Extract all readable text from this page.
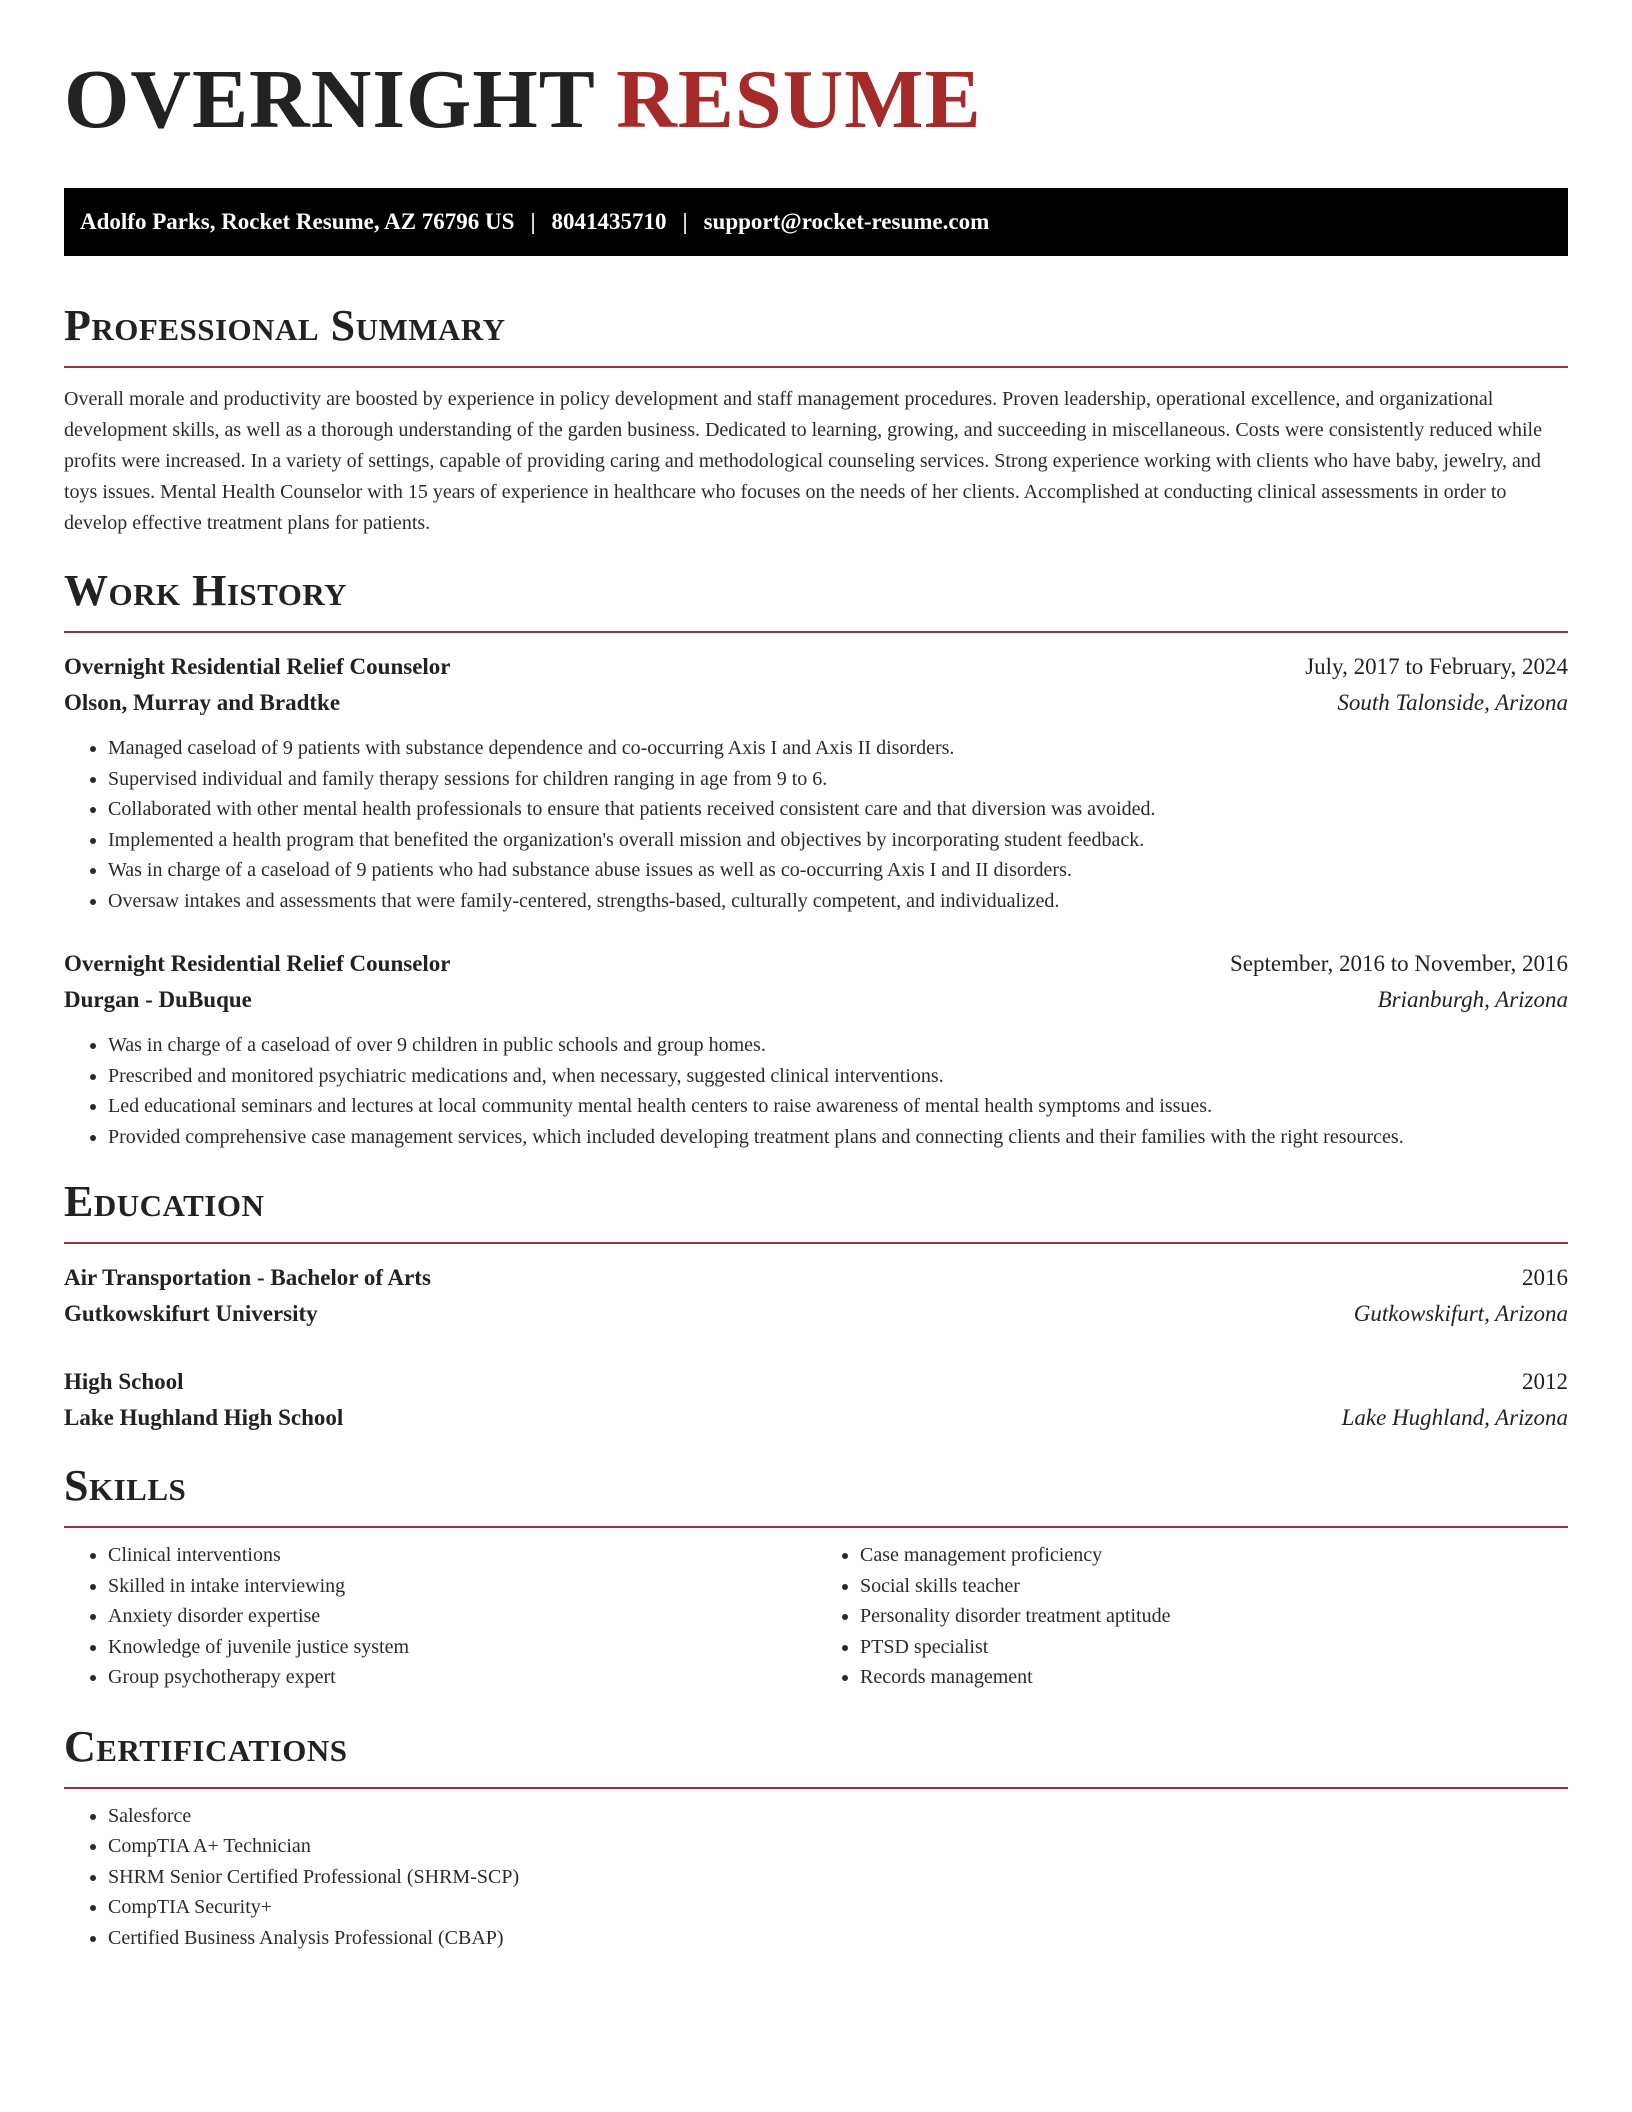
OVERNIGHT RESUME
Adolfo Parks, Rocket Resume, AZ 76796 US | 8041435710 | support@rocket-resume.com
Professional Summary
Overall morale and productivity are boosted by experience in policy development and staff management procedures. Proven leadership, operational excellence, and organizational development skills, as well as a thorough understanding of the garden business. Dedicated to learning, growing, and succeeding in miscellaneous. Costs were consistently reduced while profits were increased. In a variety of settings, capable of providing caring and methodological counseling services. Strong experience working with clients who have baby, jewelry, and toys issues. Mental Health Counselor with 15 years of experience in healthcare who focuses on the needs of her clients. Accomplished at conducting clinical assessments in order to develop effective treatment plans for patients.
Work History
Overnight Residential Relief Counselor	July, 2017 to February, 2024
Olson, Murray and Bradtke	South Talonside, Arizona
• Managed caseload of 9 patients with substance dependence and co-occurring Axis I and Axis II disorders.
• Supervised individual and family therapy sessions for children ranging in age from 9 to 6.
• Collaborated with other mental health professionals to ensure that patients received consistent care and that diversion was avoided.
• Implemented a health program that benefited the organization's overall mission and objectives by incorporating student feedback.
• Was in charge of a caseload of 9 patients who had substance abuse issues as well as co-occurring Axis I and II disorders.
• Oversaw intakes and assessments that were family-centered, strengths-based, culturally competent, and individualized.
Overnight Residential Relief Counselor	September, 2016 to November, 2016
Durgan - DuBuque	Brianburgh, Arizona
• Was in charge of a caseload of over 9 children in public schools and group homes.
• Prescribed and monitored psychiatric medications and, when necessary, suggested clinical interventions.
• Led educational seminars and lectures at local community mental health centers to raise awareness of mental health symptoms and issues.
• Provided comprehensive case management services, which included developing treatment plans and connecting clients and their families with the right resources.
Education
Air Transportation - Bachelor of Arts	2016
Gutkowskifurt University	Gutkowskifurt, Arizona
High School	2012
Lake Hughland High School	Lake Hughland, Arizona
Skills
• Clinical interventions
• Skilled in intake interviewing
• Anxiety disorder expertise
• Knowledge of juvenile justice system
• Group psychotherapy expert
• Case management proficiency
• Social skills teacher
• Personality disorder treatment aptitude
• PTSD specialist
• Records management
Certifications
• Salesforce
• CompTIA A+ Technician
• SHRM Senior Certified Professional (SHRM-SCP)
• CompTIA Security+
• Certified Business Analysis Professional (CBAP)
